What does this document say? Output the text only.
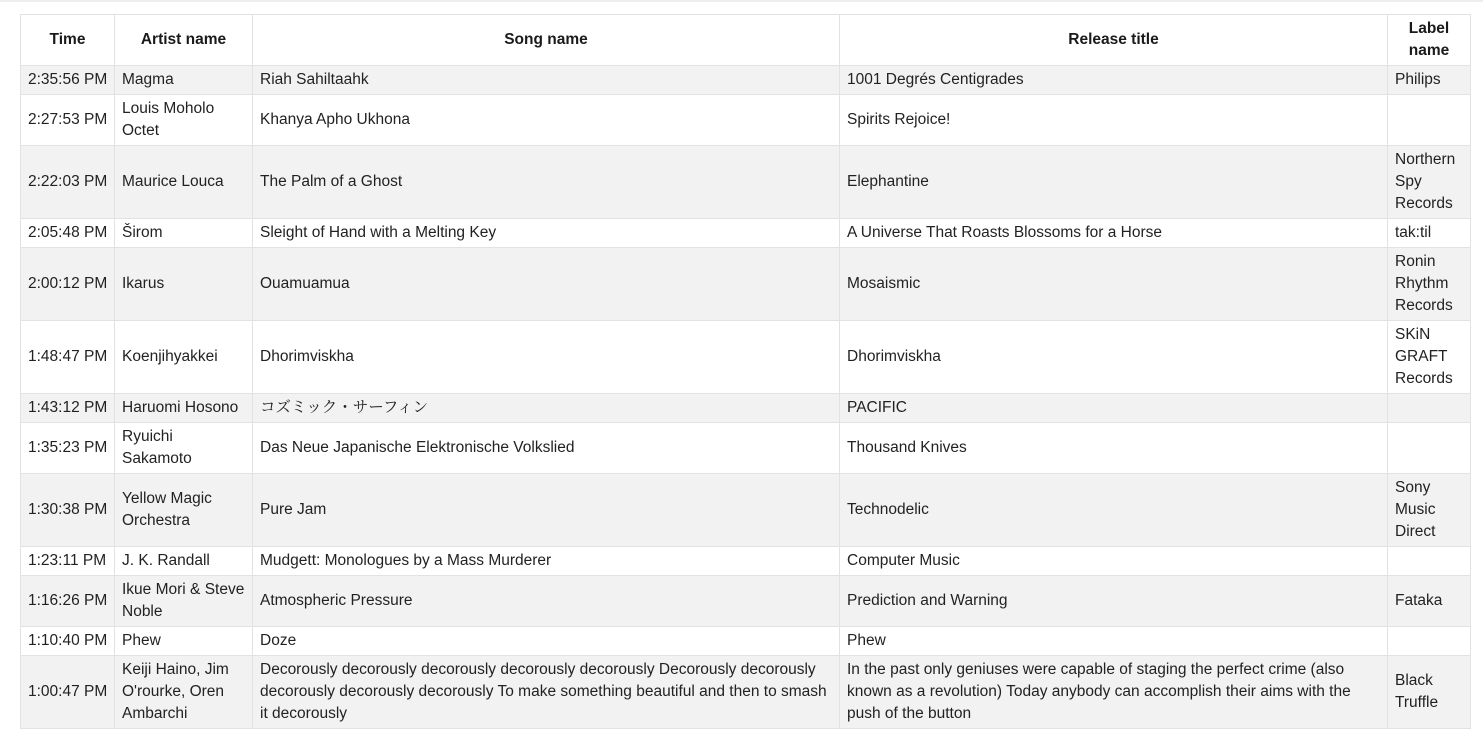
Time	Artist name	Song name	Release title	Label name
2:35:56 PM	Magma	Riah Sahiltaahk	1001 Degrés Centigrades	Philips
2:27:53 PM	Louis Moholo Octet	Khanya Apho Ukhona	Spirits Rejoice!	
2:22:03 PM	Maurice Louca	The Palm of a Ghost	Elephantine	Northern Spy Records
2:05:48 PM	Širom	Sleight of Hand with a Melting Key	A Universe That Roasts Blossoms for a Horse	tak:til
2:00:12 PM	Ikarus	Ouamuamua	Mosaismic	Ronin Rhythm Records
1:48:47 PM	Koenjihyakkei	Dhorimviskha	Dhorimviskha	SKiN GRAFT Records
1:43:12 PM	Haruomi Hosono	コズミック・サーフィン	PACIFIC	
1:35:23 PM	Ryuichi Sakamoto	Das Neue Japanische Elektronische Volkslied	Thousand Knives	
1:30:38 PM	Yellow Magic Orchestra	Pure Jam	Technodelic	Sony Music Direct
1:23:11 PM	J. K. Randall	Mudgett: Monologues by a Mass Murderer	Computer Music	
1:16:26 PM	Ikue Mori & Steve Noble	Atmospheric Pressure	Prediction and Warning	Fataka
1:10:40 PM	Phew	Doze	Phew	
1:00:47 PM	Keiji Haino, Jim O'rourke, Oren Ambarchi	Decorously decorously decorously decorously decorously Decorously decorously decorously decorously decorously To make something beautiful and then to smash it decorously	In the past only geniuses were capable of staging the perfect crime (also known as a revolution) Today anybody can accomplish their aims with the push of the button	Black Truffle
